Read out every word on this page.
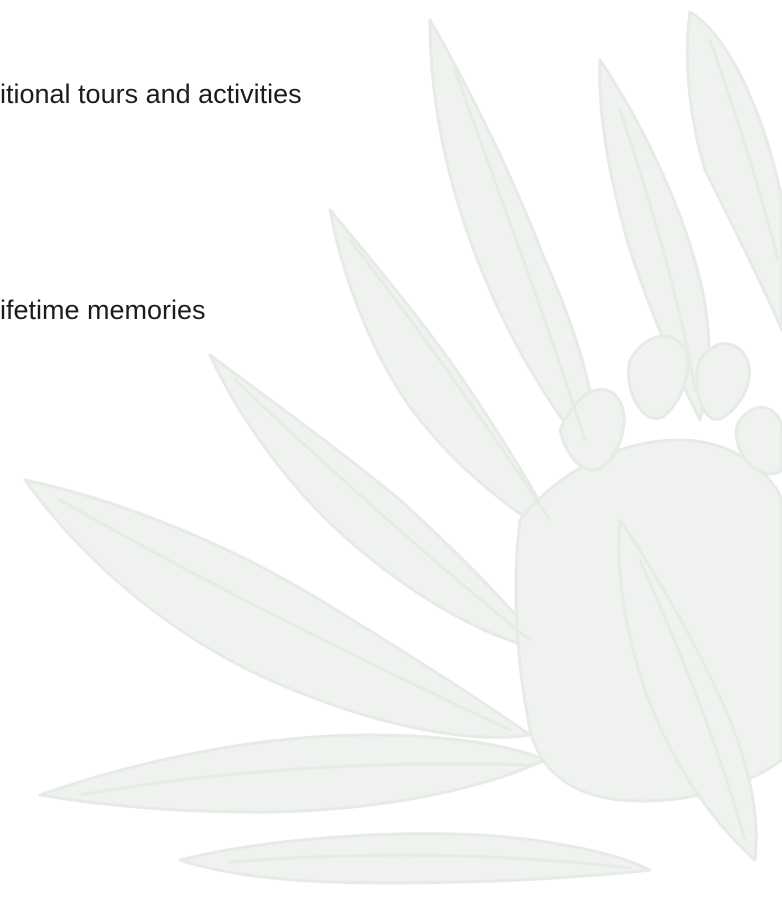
itional tours and activities

ifetime memories
